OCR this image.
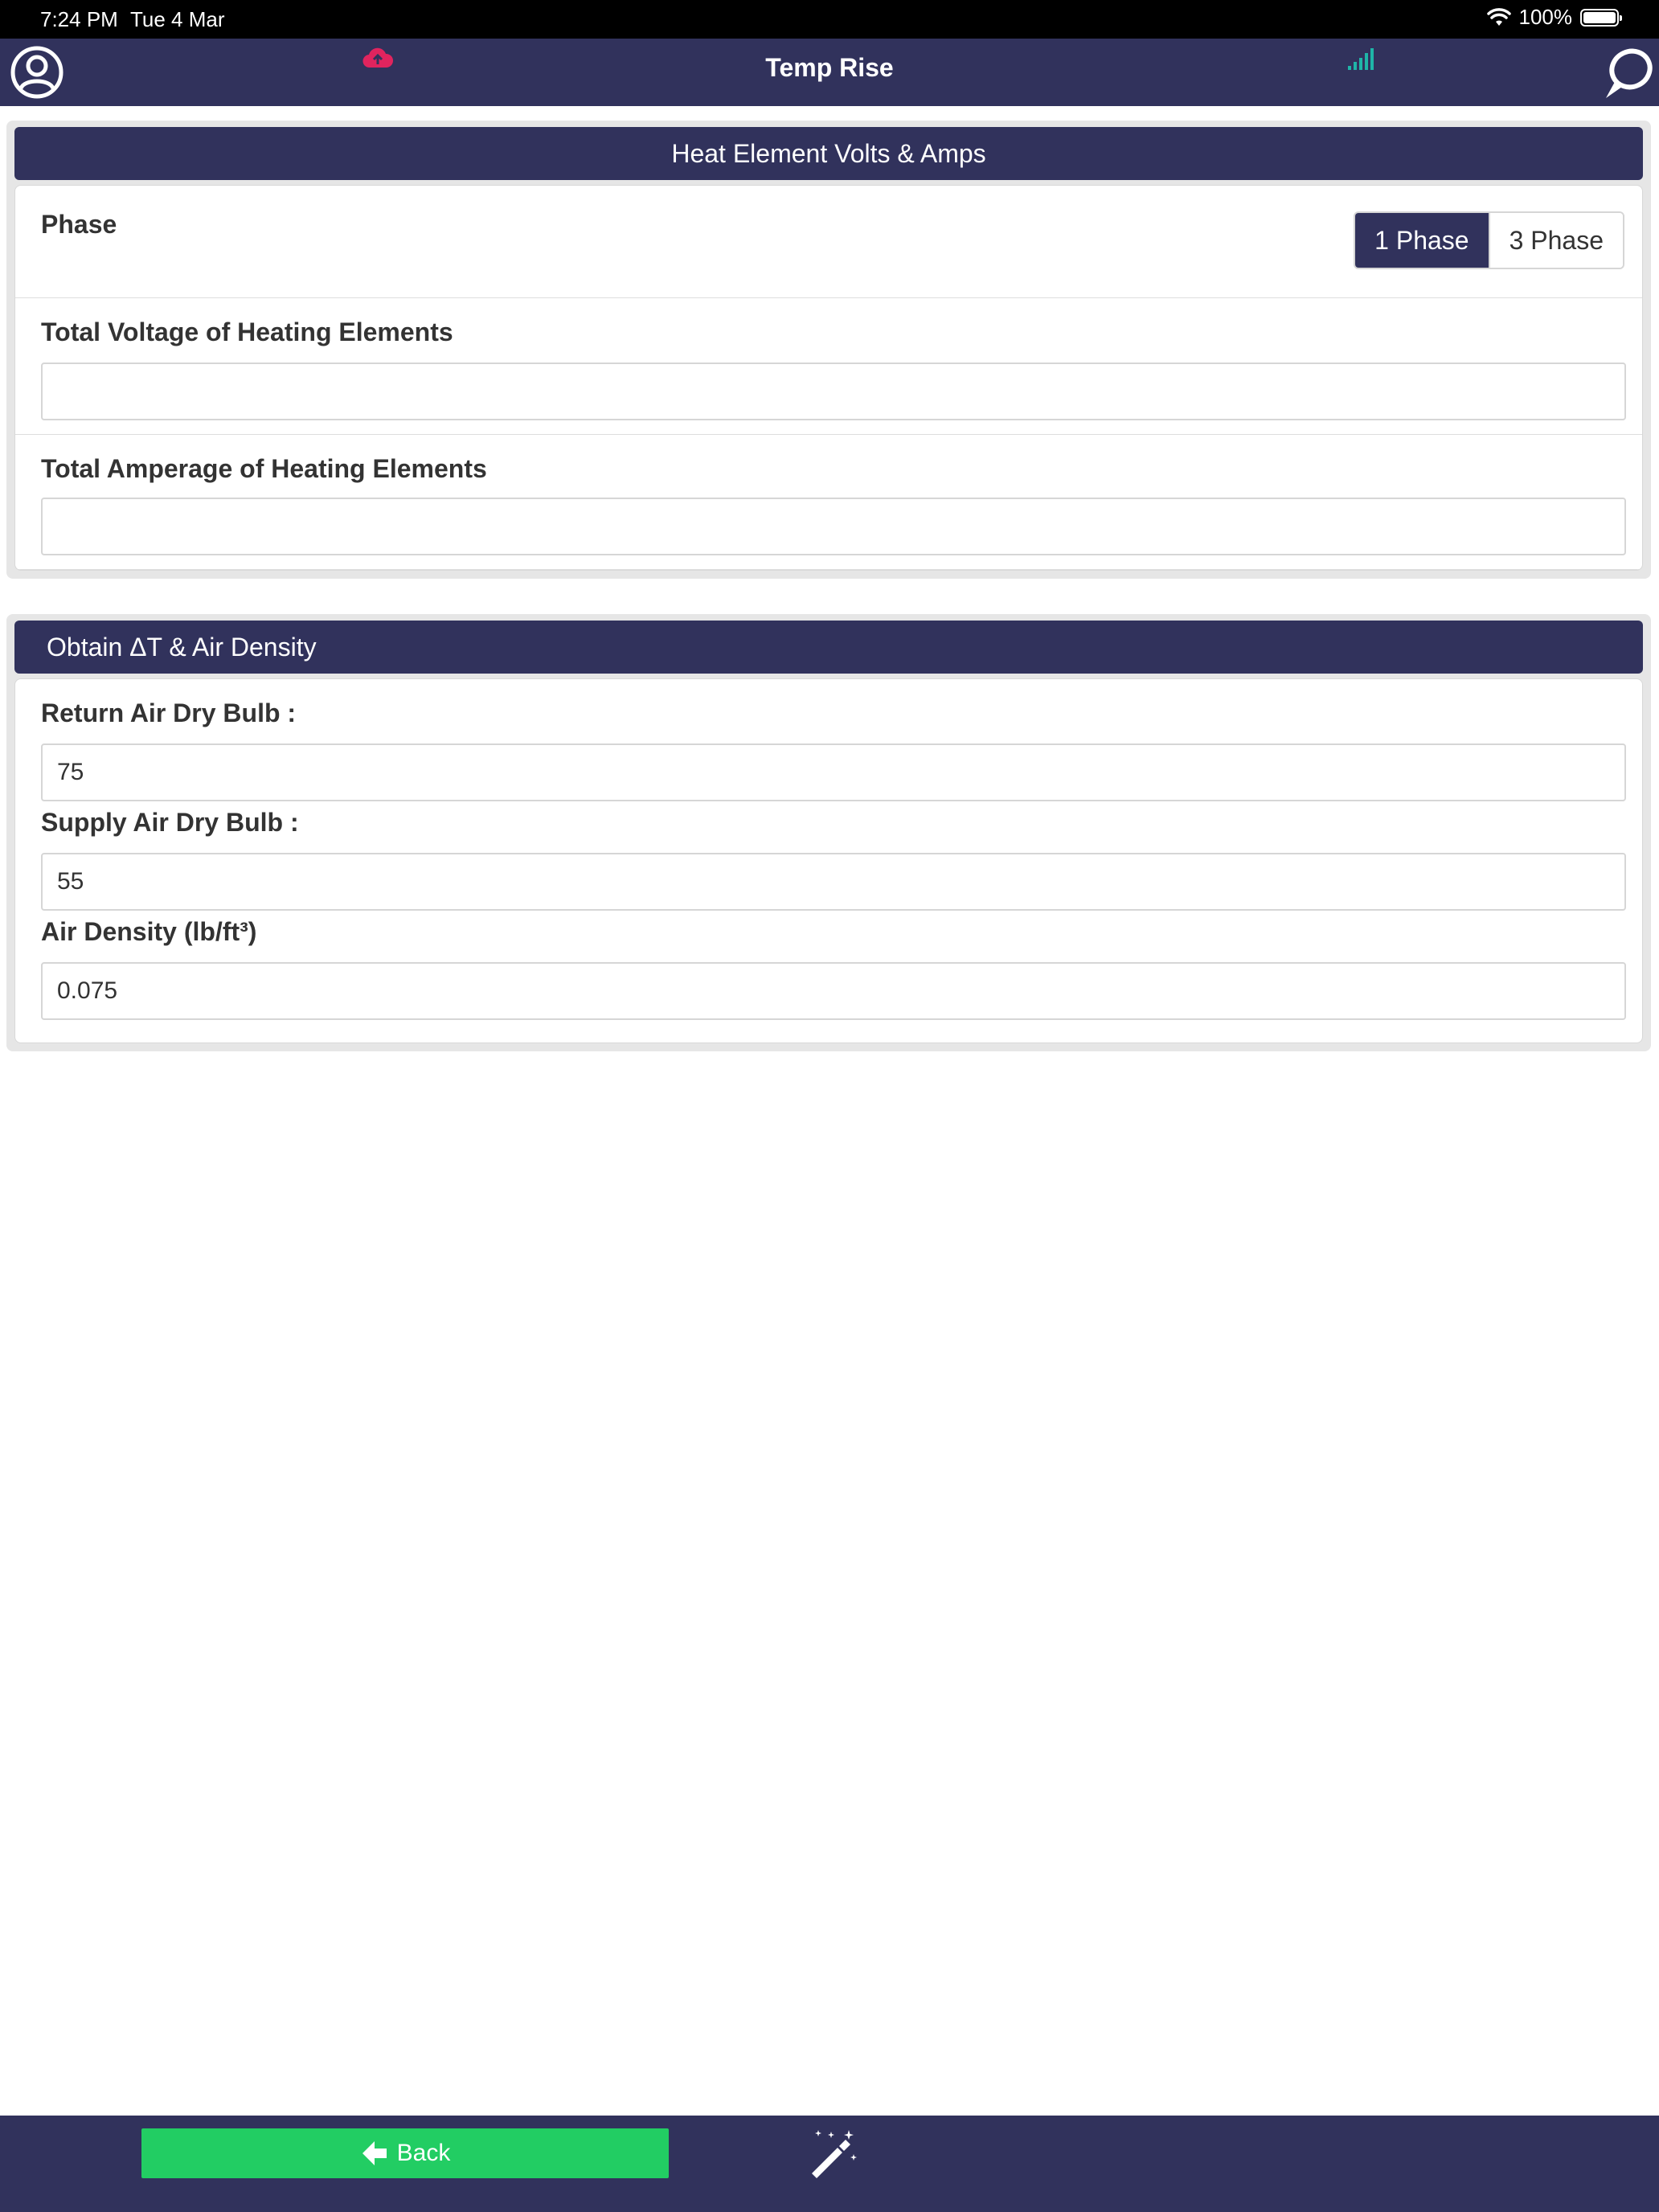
7:24 PM Tue 4 Mar	100%
Temp Rise
Heat Element Volts & Amps
Phase
1 Phase	3 Phase
Total Voltage of Heating Elements
Total Amperage of Heating Elements
Obtain ΔT & Air Density
Return Air Dry Bulb :
75
Supply Air Dry Bulb :
55
Air Density (lb/ft³)
0.075
Back
